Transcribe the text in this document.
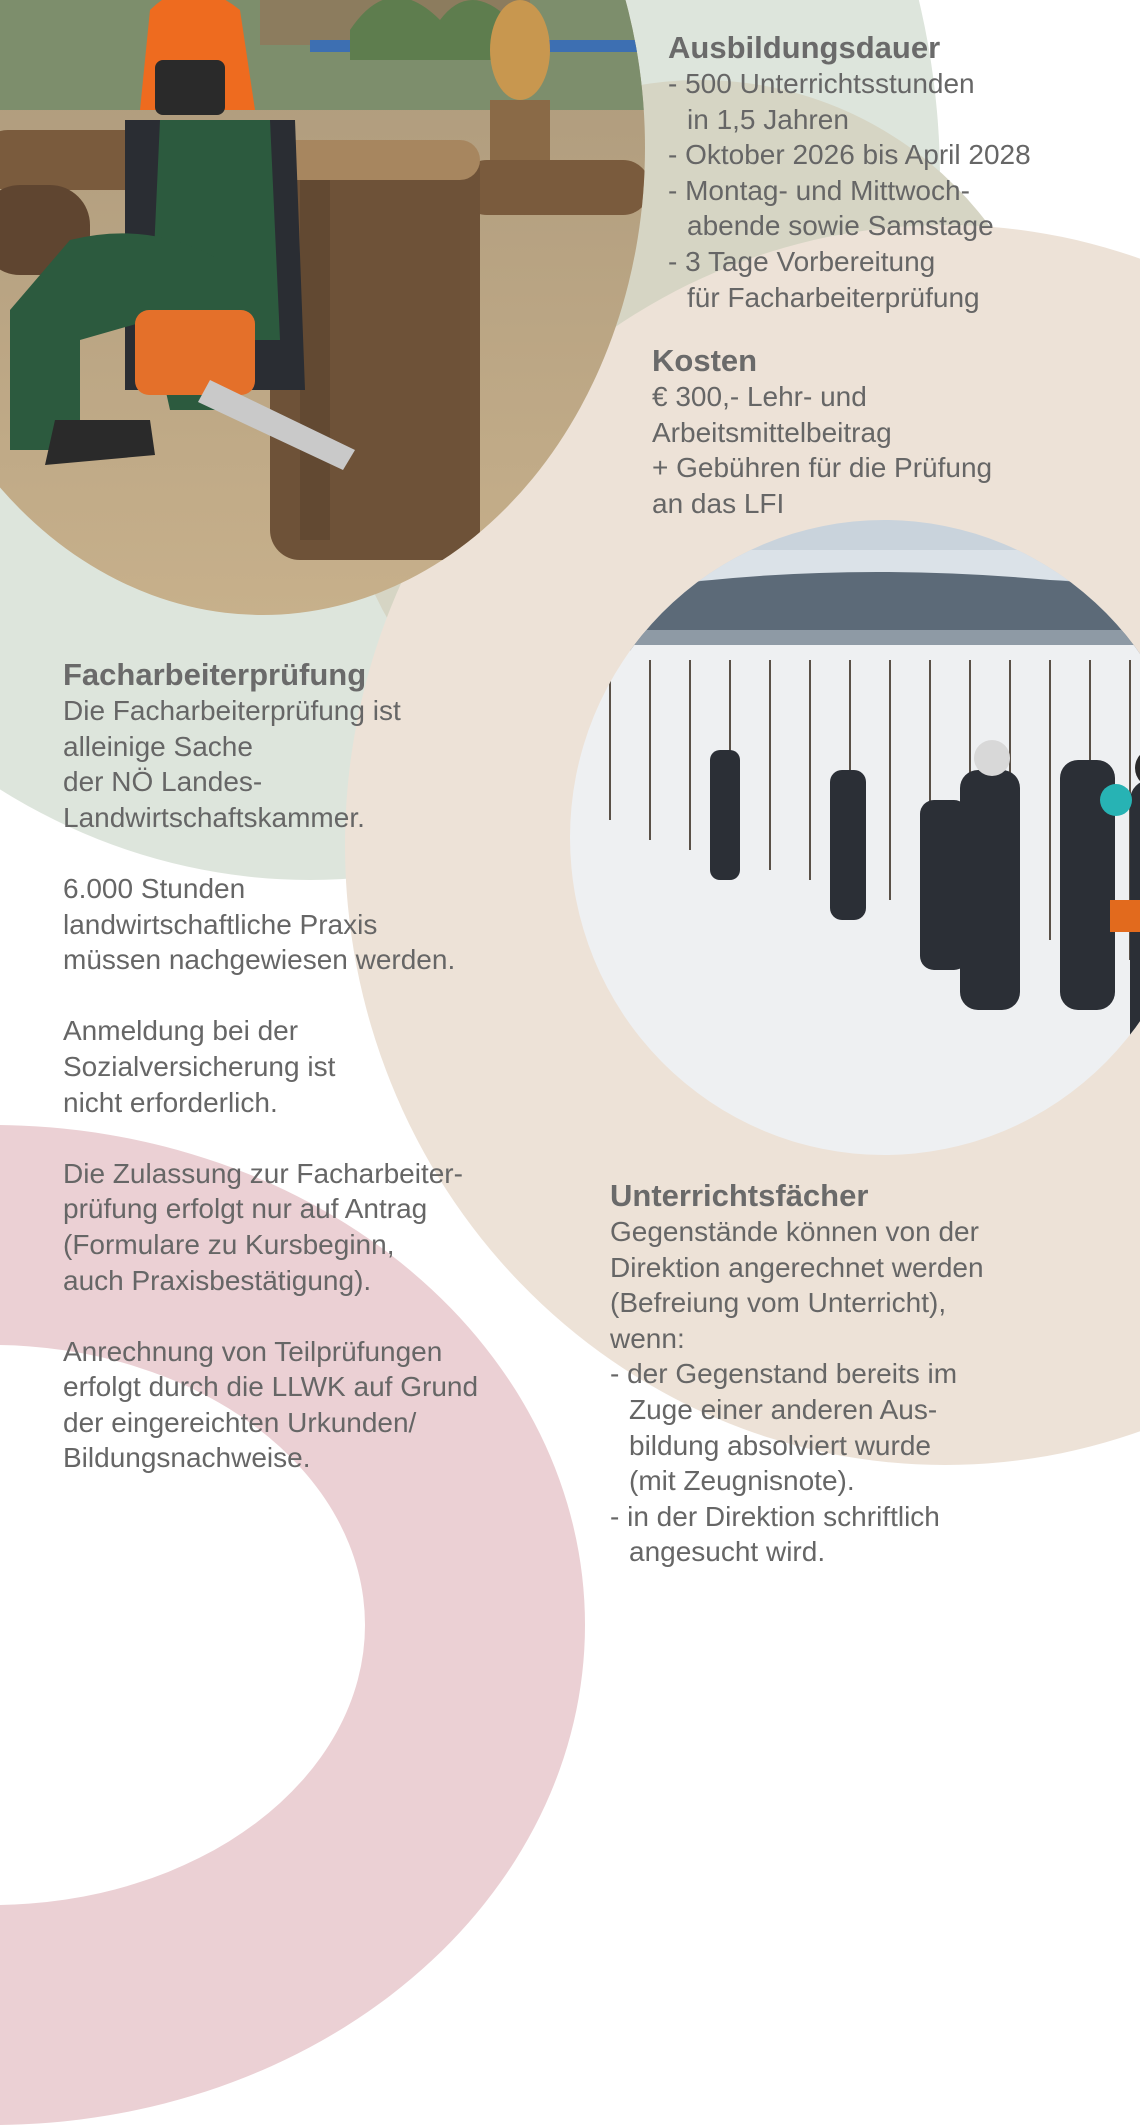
Ausbildungsdauer
- 500 Unterrichtsstunden
in 1,5 Jahren
- Oktober 2026 bis April 2028
- Montag- und Mittwoch-
abende sowie Samstage
- 3 Tage Vorbereitung
für Facharbeiterprüfung
Kosten
€ 300,- Lehr- und
Arbeitsmittelbeitrag
+ Gebühren für die Prüfung
an das LFI
Facharbeiterprüfung
Die Facharbeiterprüfung ist
alleinige Sache
der NÖ Landes-
Landwirtschaftskammer.
6.000 Stunden
landwirtschaftliche Praxis
müssen nachgewiesen werden.
Anmeldung bei der
Sozialversicherung ist
nicht erforderlich.
Die Zulassung zur Facharbeiter-
prüfung erfolgt nur auf Antrag
(Formulare zu Kursbeginn,
auch Praxisbestätigung).
Anrechnung von Teilprüfungen
erfolgt durch die LLWK auf Grund
der eingereichten Urkunden/
Bildungsnachweise.
Unterrichtsfächer
Gegenstände können von der
Direktion angerechnet werden
(Befreiung vom Unterricht),
wenn:
- der Gegenstand bereits im
Zuge einer anderen Aus-
bildung absolviert wurde
(mit Zeugnisnote).
- in der Direktion schriftlich
angesucht wird.
